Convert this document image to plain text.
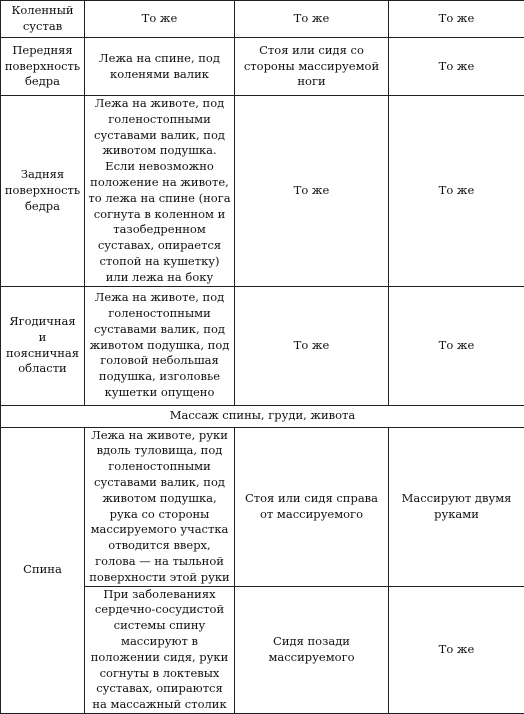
Коленный сустав	То же	То же	То же
Передняя поверхность бедра	Лежа на спине, под коленями валик	Стоя или сидя со стороны массируемой ноги	То же
Задняя поверхность бедра	Лежа на животе, под голеностопными суставами валик, под животом подушка. Если невозможно положение на животе, то лежа на спине (нога согнута в коленном и тазобедренном суставах, опирается стопой на кушетку) или лежа на боку	То же	То же
Ягодичная и поясничная области	Лежа на животе, под голеностопными суставами валик, под животом подушка, под головой небольшая подушка, изголовье кушетки опущено	То же	То же
Массаж спины, груди, живота			
Спина	Лежа на животе, руки вдоль туловища, под голеностопными суставами валик, под животом подушка, рука со стороны массируемого участка отводится вверх, голова — на тыльной поверхности этой руки	Стоя или сидя справа от массируемого	Массируют двумя руками
	При заболеваниях сердечно-сосудистой системы спину массируют в положении сидя, руки согнуты в локтевых суставах, опираются на массажный столик	Сидя позади массируемого	То же
